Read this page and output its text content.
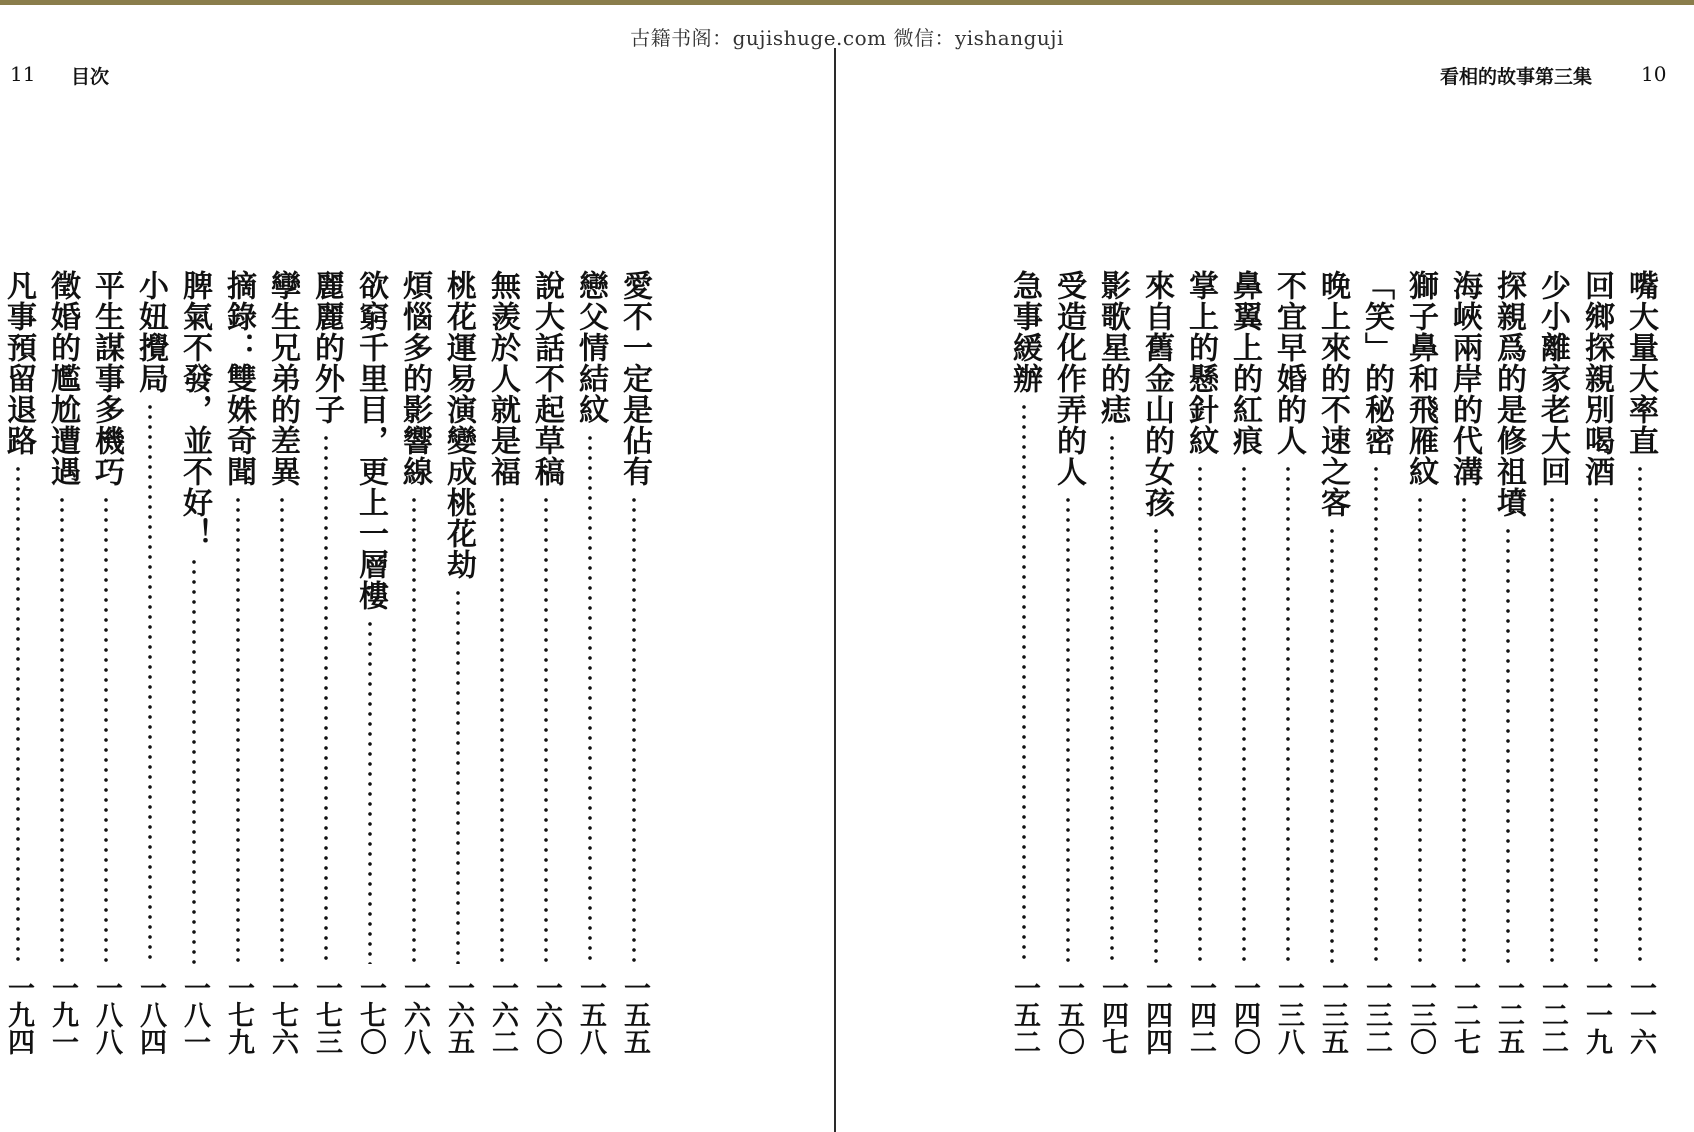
古籍书阁：gujishuge.com 微信：yishanguji
11 目次	看相的故事第三集 10
愛不一定是佔有
一五五
戀父情結紋
一五八
說大話不起草稿
一六〇
無羨於人就是福
一六二
桃花運易演變成桃花劫
一六五
煩惱多的影響線
一六八
欲窮千里目，更上一層樓
一七〇
麗麗的外子
一七三
孿生兄弟的差異
一七六
摘錄：雙姝奇聞
一七九
脾氣不發，並不好！
一八一
小妞攪局
一八四
平生謀事多機巧
一八八
徵婚的尷尬遭遇
一九一
凡事預留退路
一九四
嘴大量大率直
一一六
回鄉探親別喝酒
一一九
少小離家老大回
一二二
探親爲的是修祖墳
一二五
海峽兩岸的代溝
一二七
獅子鼻和飛雁紋
一三〇
「笑」的秘密
一三二
晚上來的不速之客
一三五
不宜早婚的人
一三八
鼻翼上的紅痕
一四〇
掌上的懸針紋
一四二
來自舊金山的女孩
一四四
影歌星的痣
一四七
受造化作弄的人
一五〇
急事緩辦
一五二
